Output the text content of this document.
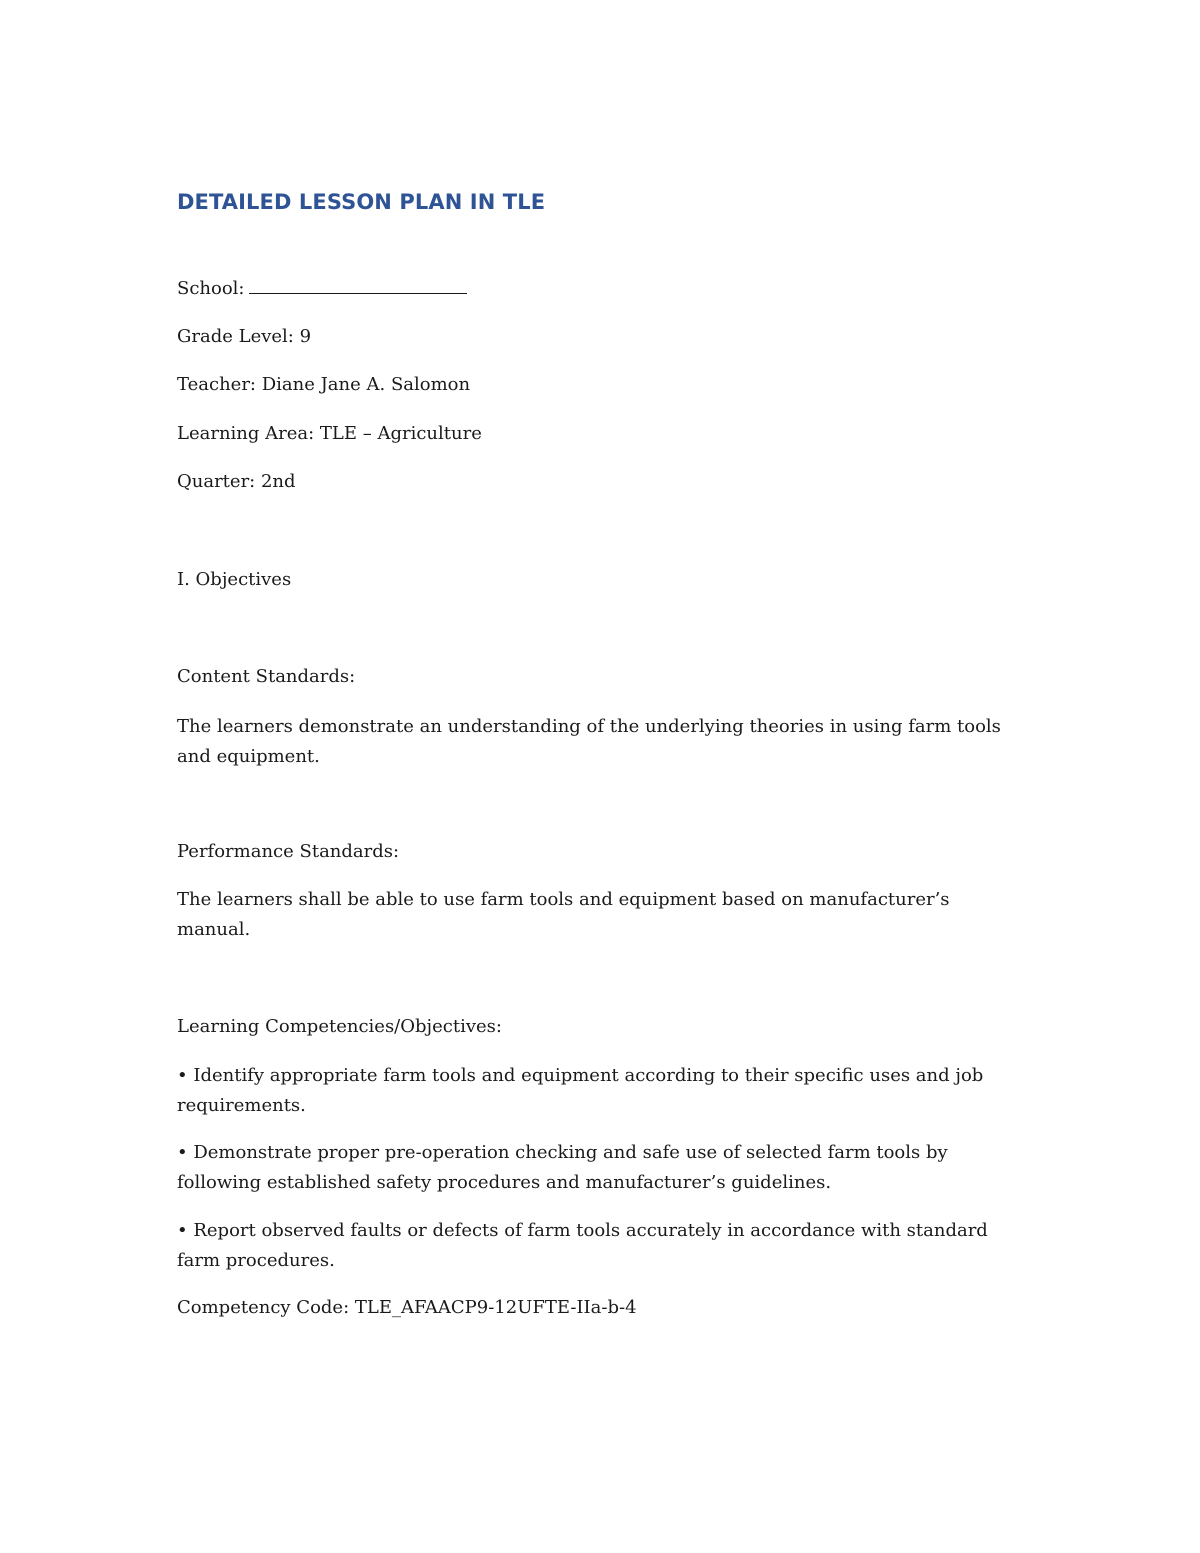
DETAILED LESSON PLAN IN TLE

School:

Grade Level: 9

Teacher: Diane Jane A. Salomon

Learning Area: TLE – Agriculture

Quarter: 2nd

I. Objectives

Content Standards:

The learners demonstrate an understanding of the underlying theories in using farm tools and equipment.

Performance Standards:

The learners shall be able to use farm tools and equipment based on manufacturer’s manual.

Learning Competencies/Objectives:

• Identify appropriate farm tools and equipment according to their specific uses and job requirements.

• Demonstrate proper pre-operation checking and safe use of selected farm tools by following established safety procedures and manufacturer’s guidelines.

• Report observed faults or defects of farm tools accurately in accordance with standard farm procedures.

Competency Code: TLE_AFAACP9-12UFTE-IIa-b-4
